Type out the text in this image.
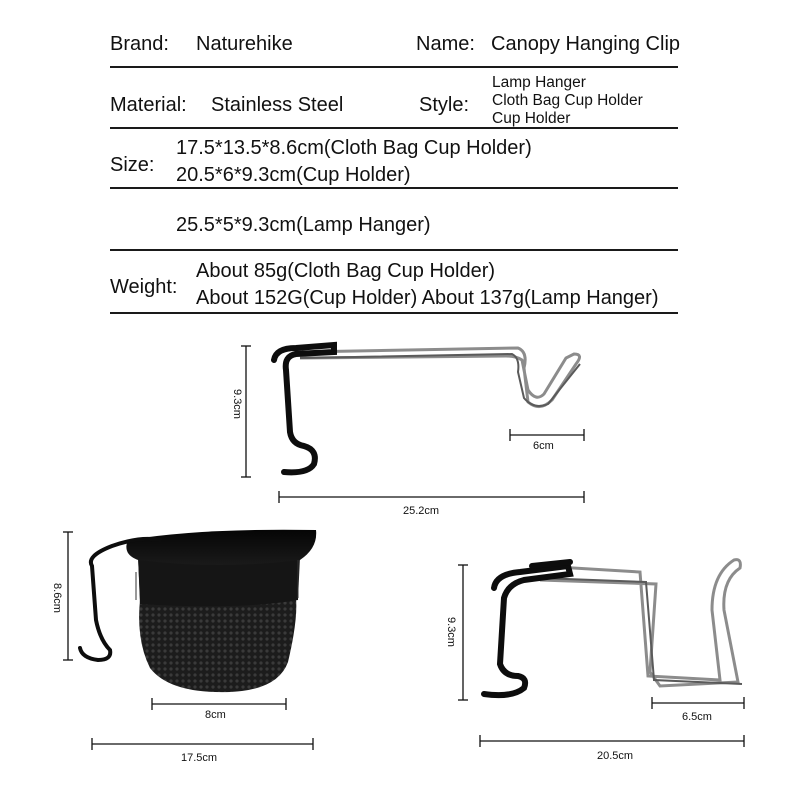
Brand: Naturehike	Name: Canopy Hanging Clip
Material: Stainless Steel	Style:
Lamp Hanger
Cloth Bag Cup Holder
Cup Holder
Size:
17.5*13.5*8.6cm(Cloth Bag Cup Holder)
20.5*6*9.3cm(Cup Holder)
25.5*5*9.3cm(Lamp Hanger)
Weight:
About 85g(Cloth Bag Cup Holder)
About 152G(Cup Holder) About 137g(Lamp Hanger)
9.3cm
6cm
25.2cm
8.6cm
8cm
17.5cm
9.3cm
6.5cm
20.5cm
